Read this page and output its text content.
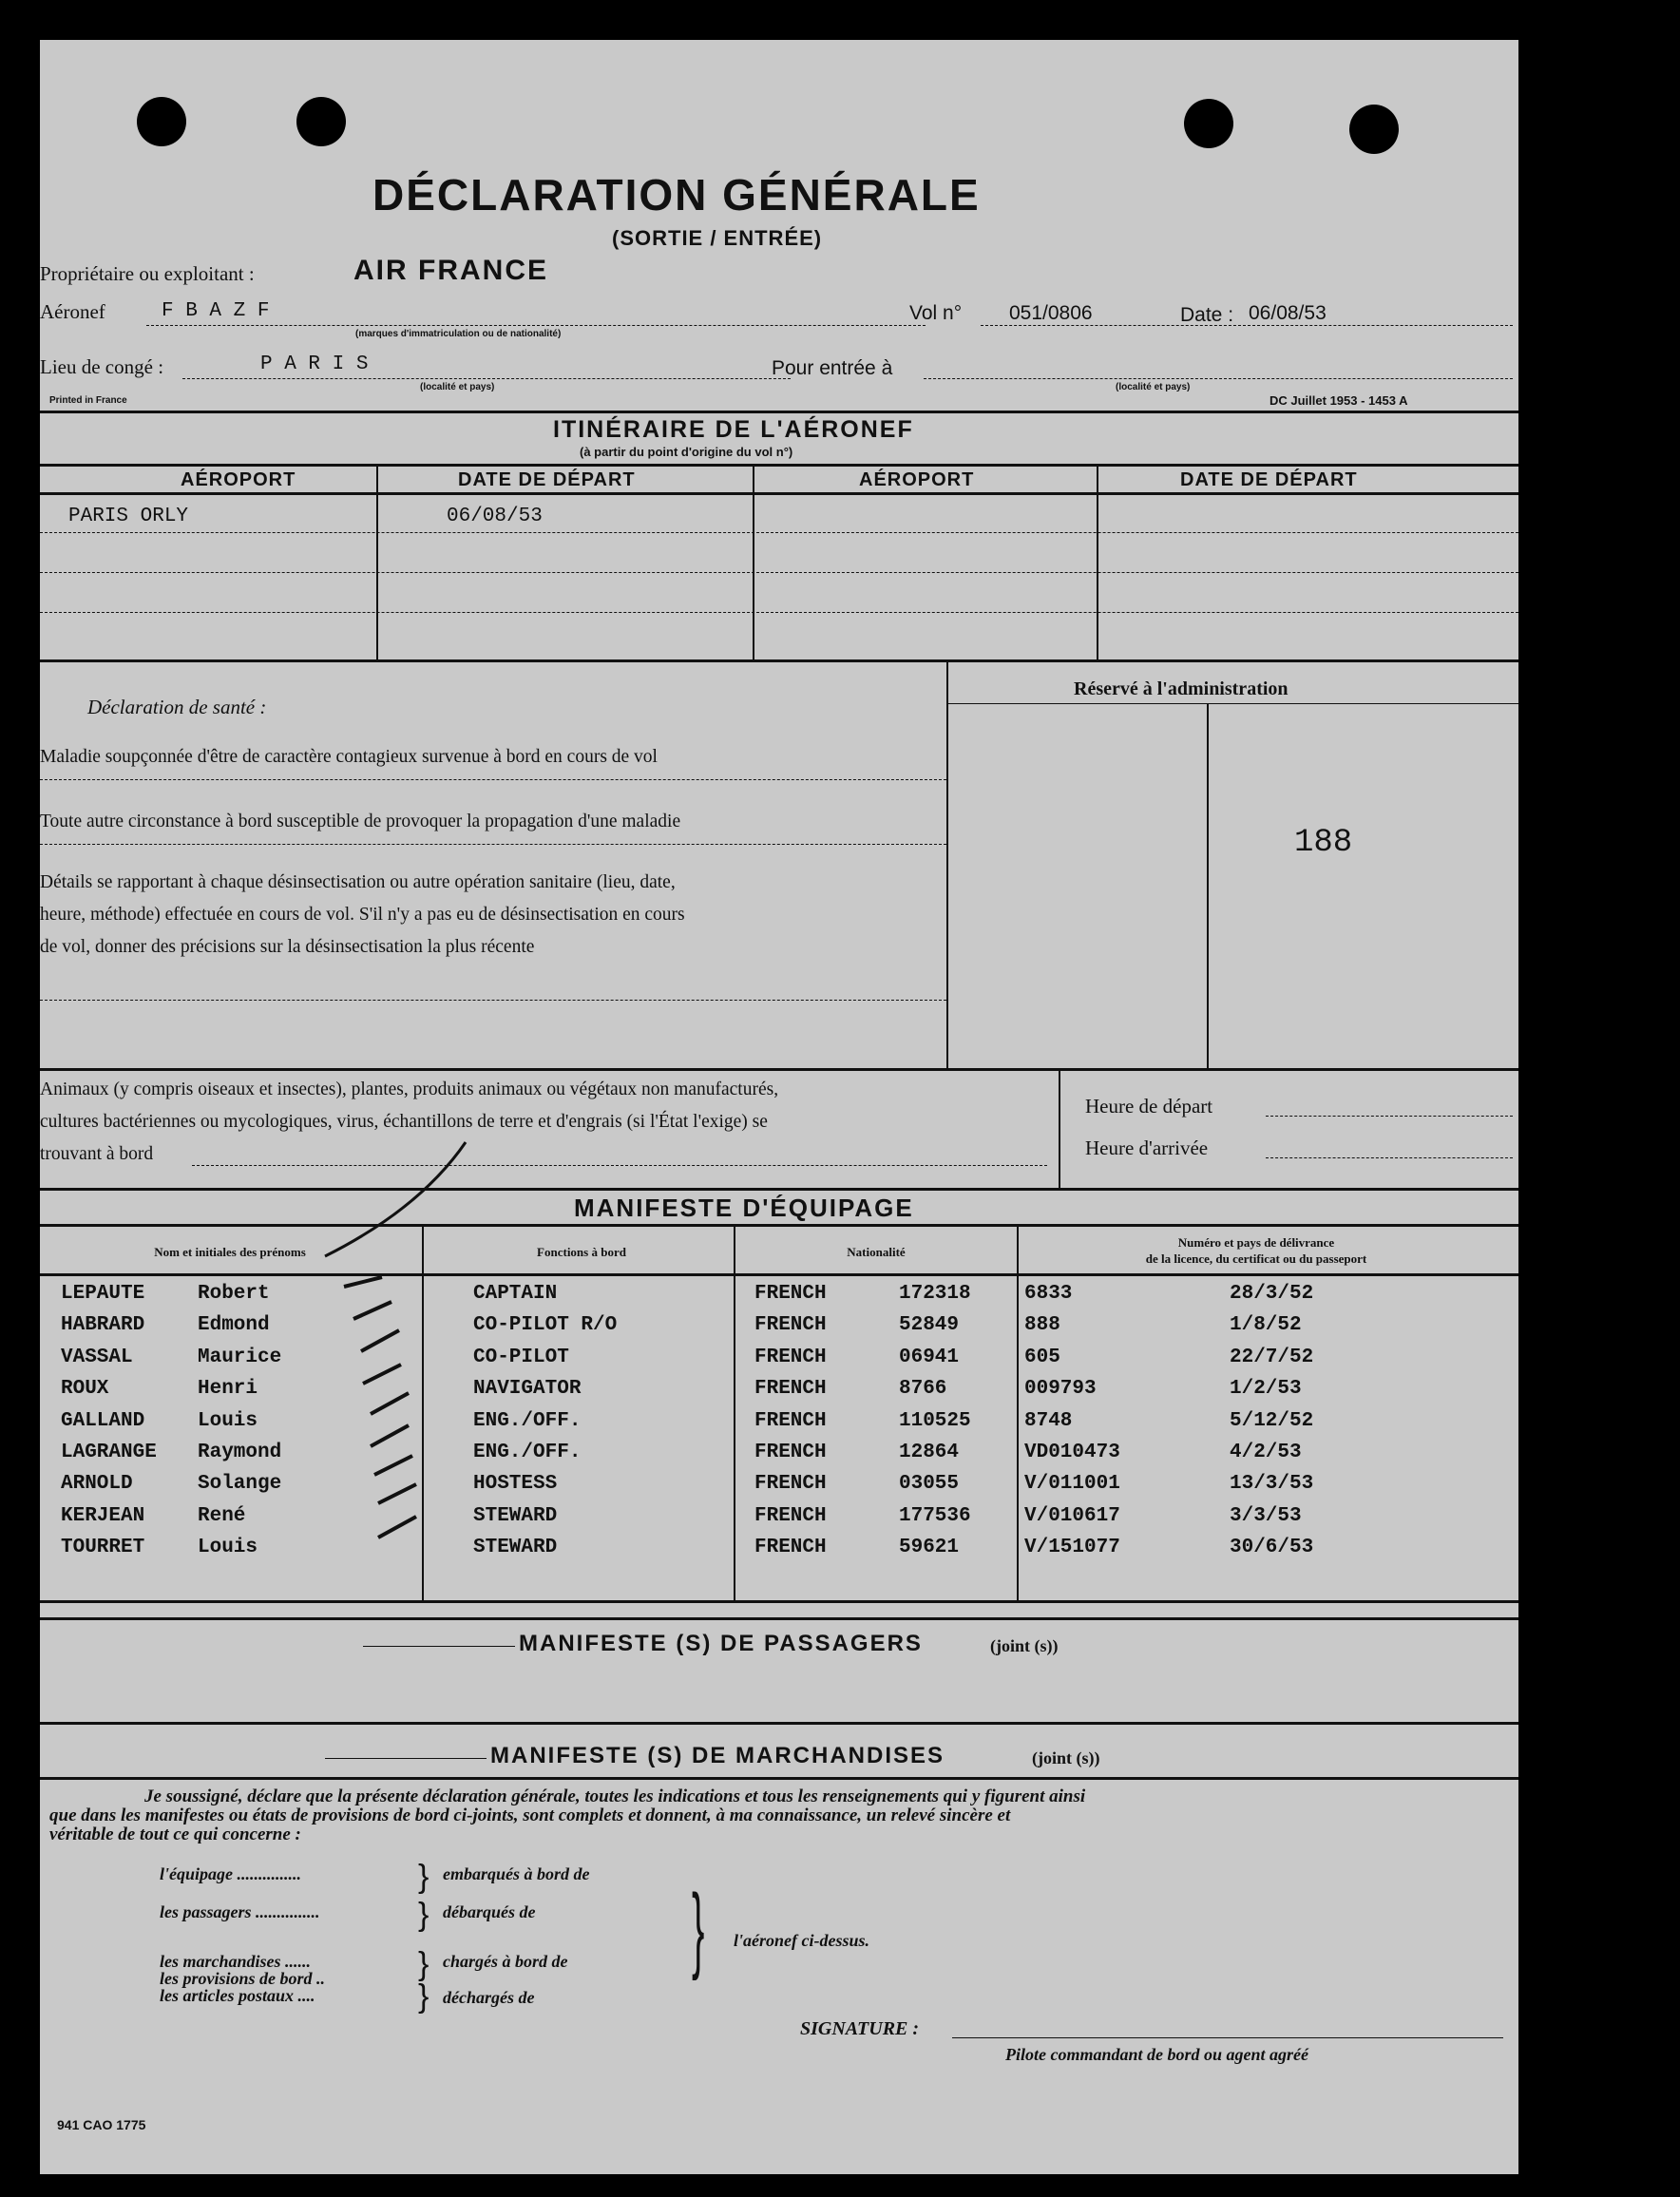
DÉCLARATION GÉNÉRALE
(SORTIE / ENTRÉE)
Propriétaire ou exploitant :	AIR FRANCE
Aéronef	F B A Z F
(marques d'immatriculation ou de nationalité)
Vol n° 051/0806	Date : 06/08/53
Lieu de congé :	P A R I S
(localité et pays)
Pour entrée à
(localité et pays)
Printed in France	DC Juillet 1953 - 1453 A
ITINÉRAIRE DE L'AÉRONEF
(à partir du point d'origine du vol n°)
AÉROPORT	DATE DE DÉPART	AÉROPORT	DATE DE DÉPART
PARIS ORLY	06/08/53
Déclaration de santé :
Maladie soupçonnée d'être de caractère contagieux survenue à bord en cours de vol
Toute autre circonstance à bord susceptible de provoquer la propagation d'une maladie
Détails se rapportant à chaque désinsectisation ou autre opération sanitaire (lieu, date,
heure, méthode) effectuée en cours de vol. S'il n'y a pas eu de désinsectisation en cours
de vol, donner des précisions sur la désinsectisation la plus récente
Réservé à l'administration
188
Animaux (y compris oiseaux et insectes), plantes, produits animaux ou végétaux non manufacturés,
cultures bactériennes ou mycologiques, virus, échantillons de terre et d'engrais (si l'État l'exige) se
trouvant à bord
Heure de départ
Heure d'arrivée
MANIFESTE D'ÉQUIPAGE
Nom et initiales des prénoms	Fonctions à bord	Nationalité
Numéro et pays de délivrance
de la licence, du certificat ou du passeport
MANIFESTE (S) DE PASSAGERS	(joint (s))
MANIFESTE (S) DE MARCHANDISES	(joint (s))
Je soussigné, déclare que la présente déclaration générale, toutes les indications et tous les renseignements qui y figurent ainsi
que dans les manifestes ou états de provisions de bord ci-joints, sont complets et donnent, à ma connaissance, un relevé sincère et
véritable de tout ce qui concerne :
l'équipage ...............
les passagers ...............
les marchandises ......
les provisions de bord ..
les articles postaux ....
}
}
}
}
embarqués à bord de
débarqués de
chargés à bord de
déchargés de
} l'aéronef ci-dessus.
SIGNATURE :
Pilote commandant de bord ou agent agréé
941 CAO 1775
LEPAUTE	Robert	CAPTAIN	FRENCH	172318	6833	28/3/52
HABRARD	Edmond	CO-PILOT R/O	FRENCH	52849	888	1/8/52
VASSAL	Maurice	CO-PILOT	FRENCH	06941	605	22/7/52
ROUX	Henri	NAVIGATOR	FRENCH	8766	009793	1/2/53
GALLAND	Louis	ENG./OFF.	FRENCH	110525	8748	5/12/52
LAGRANGE Raymond	ENG./OFF.	FRENCH	12864	VD010473	4/2/53
ARNOLD	Solange	HOSTESS	FRENCH	03055	V/011001	13/3/53
KERJEAN	René	STEWARD	FRENCH	177536	V/010617	3/3/53
TOURRET	Louis	STEWARD	FRENCH	59621	V/151077	30/6/53
